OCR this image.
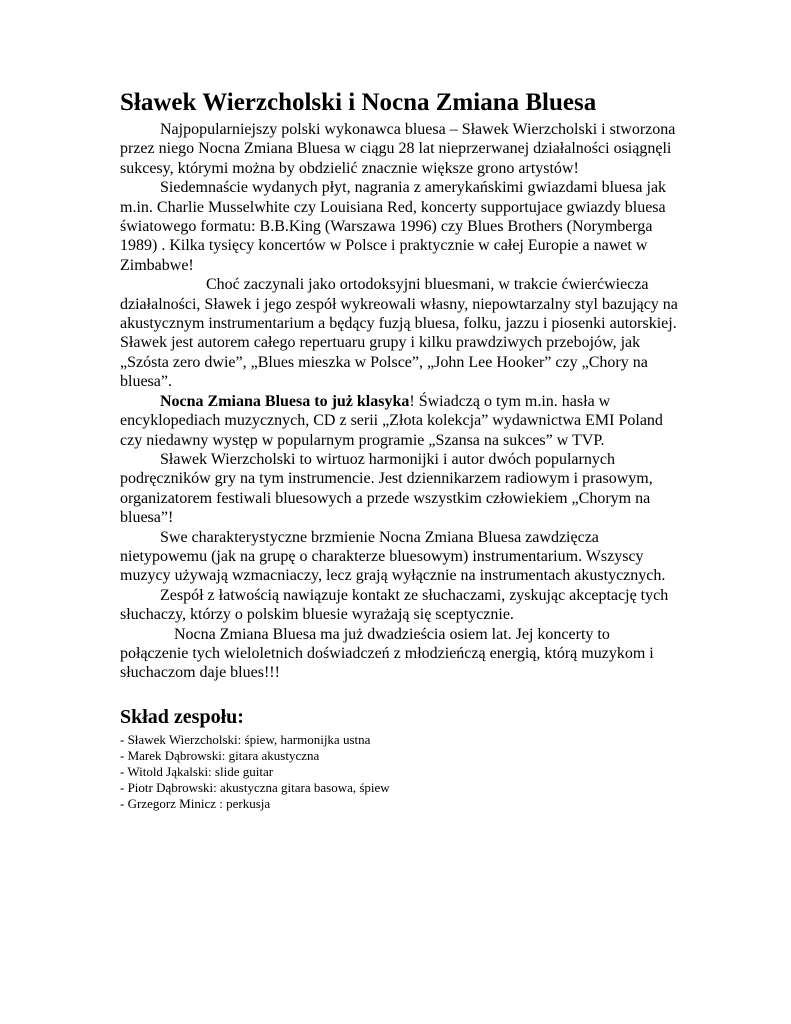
Sławek Wierzcholski i Nocna Zmiana Bluesa

Najpopularniejszy polski wykonawca bluesa – Sławek Wierzcholski i stworzona przez niego Nocna Zmiana Bluesa w ciągu 28 lat nieprzerwanej działalności osiągnęli sukcesy, którymi można by obdzielić znacznie większe grono artystów!

Siedemnaście wydanych płyt, nagrania z amerykańskimi gwiazdami bluesa jak m.in. Charlie Musselwhite czy Louisiana Red, koncerty supportujace gwiazdy bluesa światowego formatu: B.B.King (Warszawa 1996) czy Blues Brothers (Norymberga 1989) . Kilka tysięcy koncertów w Polsce i praktycznie w całej Europie a nawet w Zimbabwe!

Choć zaczynali jako ortodoksyjni bluesmani, w trakcie ćwierćwiecza działalności, Sławek i jego zespół wykreowali własny, niepowtarzalny styl bazujący na akustycznym instrumentarium a będący fuzją bluesa, folku, jazzu i piosenki autorskiej. Sławek jest autorem całego repertuaru grupy i kilku prawdziwych przebojów, jak „Szósta zero dwie”, „Blues mieszka w Polsce”, „John Lee Hooker” czy „Chory na bluesa”.

Nocna Zmiana Bluesa to już klasyka! Świadczą o tym m.in. hasła w encyklopediach muzycznych, CD z serii „Złota kolekcja” wydawnictwa EMI Poland czy niedawny występ w popularnym programie „Szansa na sukces” w TVP.

Sławek Wierzcholski to wirtuoz harmonijki i autor dwóch popularnych podręczników gry na tym instrumencie. Jest dziennikarzem radiowym i prasowym, organizatorem festiwali bluesowych a przede wszystkim człowiekiem „Chorym na bluesa”!

Swe charakterystyczne brzmienie Nocna Zmiana Bluesa zawdzięcza nietypowemu (jak na grupę o charakterze bluesowym) instrumentarium. Wszyscy muzycy używają wzmacniaczy, lecz grają wyłącznie na instrumentach akustycznych.

Zespół z łatwością nawiązuje kontakt ze słuchaczami, zyskując akceptację tych słuchaczy, którzy o polskim bluesie wyrażają się sceptycznie.

Nocna Zmiana Bluesa ma już dwadzieścia osiem lat. Jej koncerty to połączenie tych wieloletnich doświadczeń z młodzieńczą energią, którą muzykom i słuchaczom daje blues!!!

Skład zespołu:
- Sławek Wierzcholski: śpiew, harmonijka ustna
- Marek Dąbrowski: gitara akustyczna
- Witold Jąkalski: slide guitar
- Piotr Dąbrowski: akustyczna gitara basowa, śpiew
- Grzegorz Minicz : perkusja
